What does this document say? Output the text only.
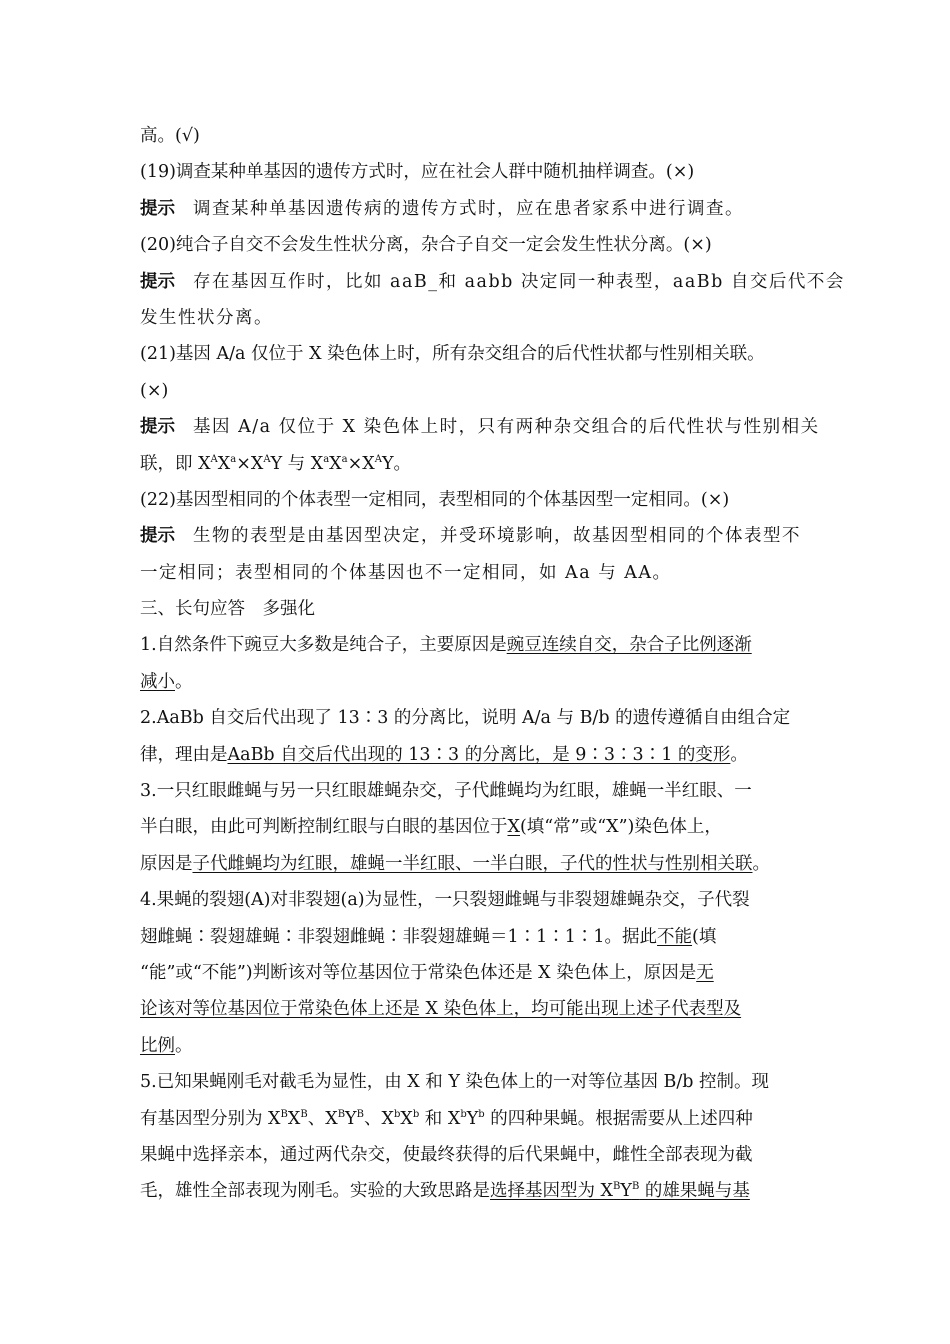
高。(√)
(19)调查某种单基因的遗传方式时，应在社会人群中随机抽样调查。(×)
提示 调查某种单基因遗传病的遗传方式时，应在患者家系中进行调查。
(20)纯合子自交不会发生性状分离，杂合子自交一定会发生性状分离。(×)
提示 存在基因互作时，比如 aaB_和 aabb 决定同一种表型，aaBb 自交后代不会
发生性状分离。
(21)基因 A/a 仅位于 X 染色体上时，所有杂交组合的后代性状都与性别相关联。
(×)
提示 基因 A/a 仅位于 X 染色体上时，只有两种杂交组合的后代性状与性别相关
联，即 $X^AX^a\times X^AY$ 与 $X^aX^a\times X^AY$。
(22)基因型相同的个体表型一定相同，表型相同的个体基因型一定相同。(×)
提示 生物的表型是由基因型决定，并受环境影响，故基因型相同的个体表型不
一定相同；表型相同的个体基因也不一定相同，如 Aa 与 AA。
三、长句应答　多强化
1.自然条件下豌豆大多数是纯合子，主要原因是豌豆连续自交，杂合子比例逐渐
减小。
2.AaBb 自交后代出现了 13∶3 的分离比，说明 A/a 与 B/b 的遗传遵循自由组合定
律，理由是AaBb 自交后代出现的 13∶3 的分离比，是 9∶3∶3∶1 的变形。
3.一只红眼雌蝇与另一只红眼雄蝇杂交，子代雌蝇均为红眼，雄蝇一半红眼、一
半白眼，由此可判断控制红眼与白眼的基因位于X(填“常”或“X”)染色体上，
原因是子代雌蝇均为红眼，雄蝇一半红眼、一半白眼，子代的性状与性别相关联。
4.果蝇的裂翅(A)对非裂翅(a)为显性，一只裂翅雌蝇与非裂翅雄蝇杂交，子代裂
翅雌蝇∶裂翅雄蝇∶非裂翅雌蝇∶非裂翅雄蝇＝1∶1∶1∶1。据此不能(填
“能”或“不能”)判断该对等位基因位于常染色体还是 X 染色体上，原因是无
论该对等位基因位于常染色体上还是 X 染色体上，均可能出现上述子代表型及
比例。
5.已知果蝇刚毛对截毛为显性，由 X 和 Y 染色体上的一对等位基因 B/b 控制。现
有基因型分别为 $X^BX^B$、$X^BY^B$、$X^bX^b$ 和 $X^bY^b$ 的四种果蝇。根据需要从上述四种
果蝇中选择亲本，通过两代杂交，使最终获得的后代果蝇中，雌性全部表现为截
毛，雄性全部表现为刚毛。实验的大致思路是选择基因型为 $X^BY^B$ 的雄果蝇与基
